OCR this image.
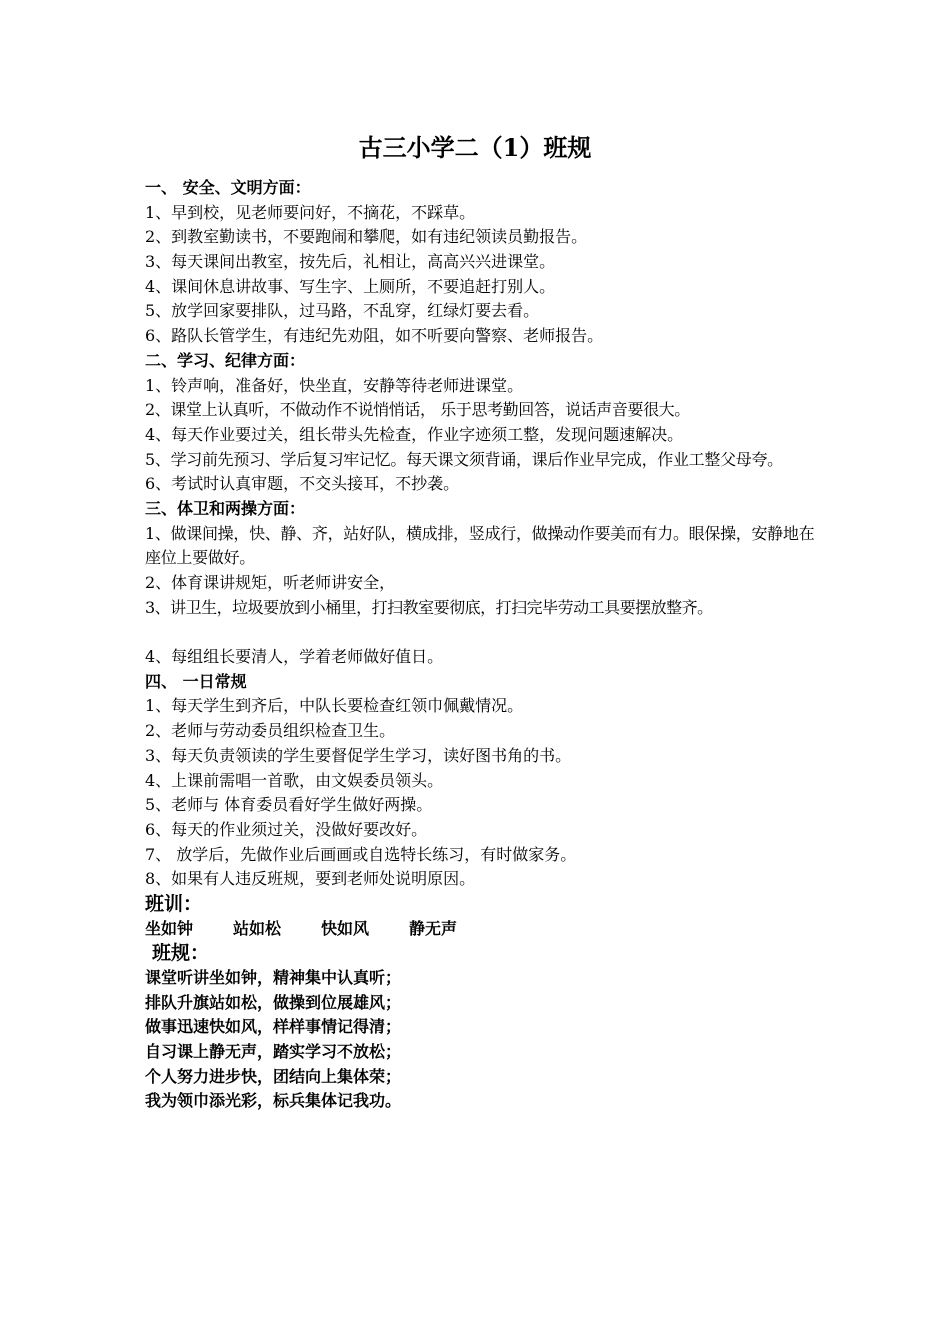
古三小学二（1）班规
一、 安全、文明方面：
1、早到校，见老师要问好，不摘花，不踩草。
2、到教室勤读书，不要跑闹和攀爬，如有违纪领读员勤报告。
3、每天课间出教室，按先后，礼相让，高高兴兴进课堂。
4、课间休息讲故事、写生字、上厕所，不要追赶打别人。
5、放学回家要排队，过马路，不乱穿，红绿灯要去看。
6、路队长管学生，有违纪先劝阻，如不听要向警察、老师报告。
二、学习、纪律方面：
1、铃声响，准备好，快坐直，安静等待老师进课堂。
2、课堂上认真听，不做动作不说悄悄话， 乐于思考勤回答，说话声音要很大。
4、每天作业要过关，组长带头先检查，作业字迹须工整，发现问题速解决。
5、学习前先预习、学后复习牢记忆。每天课文须背诵，课后作业早完成，作业工整父母夸。
6、考试时认真审题，不交头接耳，不抄袭。
三、体卫和两操方面：
1、做课间操，快、静、齐，站好队，横成排，竖成行，做操动作要美而有力。眼保操，安静地在座位上要做好。
2、体育课讲规矩，听老师讲安全，
3、讲卫生，垃圾要放到小桶里，打扫教室要彻底，打扫完毕劳动工具要摆放整齐。
4、每组组长要清人，学着老师做好值日。
四、 一日常规
1、每天学生到齐后，中队长要检查红领巾佩戴情况。
2、老师与劳动委员组织检查卫生。
3、每天负责领读的学生要督促学生学习，读好图书角的书。
4、上课前需唱一首歌，由文娱委员领头。
5、老师与 体育委员看好学生做好两操。
6、每天的作业须过关，没做好要改好。
7、 放学后，先做作业后画画或自选特长练习，有时做家务。
8、如果有人违反班规，要到老师处说明原因。
班训：
坐如钟	站如松	快如风	静无声
班规：
课堂听讲坐如钟，精神集中认真听；
排队升旗站如松，做操到位展雄风；
做事迅速快如风，样样事情记得清；
自习课上静无声，踏实学习不放松；
个人努力进步快，团结向上集体荣；
我为领巾添光彩，标兵集体记我功。
